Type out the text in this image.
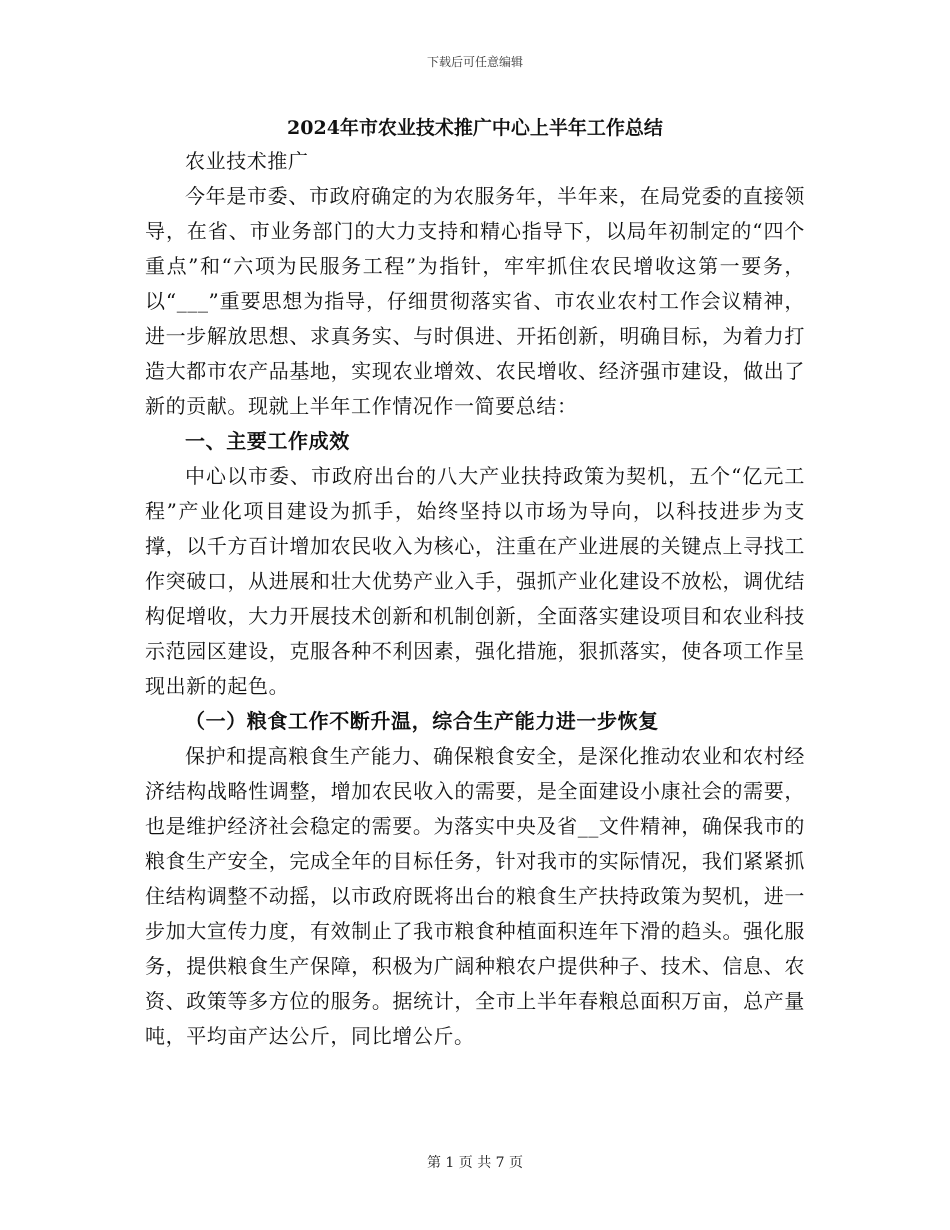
下载后可任意编辑
2024年市农业技术推广中心上半年工作总结

农业技术推广

今年是市委、市政府确定的为农服务年，半年来，在局党委的直接领导，在省、市业务部门的大力支持和精心指导下，以局年初制定的“四个重点”和“六项为民服务工程”为指针，牢牢抓住农民增收这第一要务，以“___”重要思想为指导，仔细贯彻落实省、市农业农村工作会议精神，进一步解放思想、求真务实、与时俱进、开拓创新，明确目标，为着力打造大都市农产品基地，实现农业增效、农民增收、经济强市建设，做出了新的贡献。现就上半年工作情况作一简要总结：

一、主要工作成效

中心以市委、市政府出台的八大产业扶持政策为契机，五个“亿元工程”产业化项目建设为抓手，始终坚持以市场为导向，以科技进步为支撑，以千方百计增加农民收入为核心，注重在产业进展的关键点上寻找工作突破口，从进展和壮大优势产业入手，强抓产业化建设不放松，调优结构促增收，大力开展技术创新和机制创新，全面落实建设项目和农业科技示范园区建设，克服各种不利因素，强化措施，狠抓落实，使各项工作呈现出新的起色。

（一）粮食工作不断升温，综合生产能力进一步恢复

保护和提高粮食生产能力、确保粮食安全，是深化推动农业和农村经济结构战略性调整，增加农民收入的需要，是全面建设小康社会的需要，也是维护经济社会稳定的需要。为落实中央及省__文件精神，确保我市的粮食生产安全，完成全年的目标任务，针对我市的实际情况，我们紧紧抓住结构调整不动摇，以市政府既将出台的粮食生产扶持政策为契机，进一步加大宣传力度，有效制止了我市粮食种植面积连年下滑的趋头。强化服务，提供粮食生产保障，积极为广阔种粮农户提供种子、技术、信息、农资、政策等多方位的服务。据统计，全市上半年春粮总面积万亩，总产量吨，平均亩产达公斤，同比增公斤。

第 1 页 共 7 页
